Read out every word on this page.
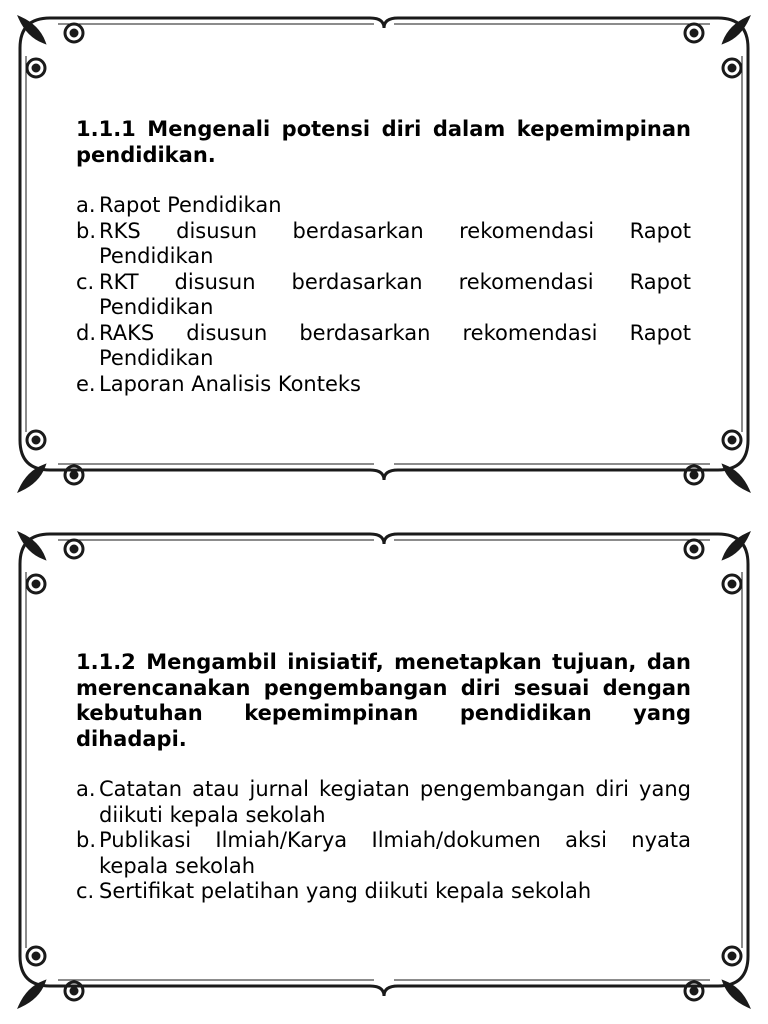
1.1.1 Mengenali potensi diri dalam kepemimpinan pendidikan.
a. Rapot Pendidikan
b. RKS disusun berdasarkan rekomendasi Rapot Pendidikan
c. RKT disusun berdasarkan rekomendasi Rapot Pendidikan
d. RAKS disusun berdasarkan rekomendasi Rapot Pendidikan
e. Laporan Analisis Konteks
1.1.2 Mengambil inisiatif, menetapkan tujuan, dan merencanakan pengembangan diri sesuai dengan kebutuhan kepemimpinan pendidikan yang dihadapi.
a. Catatan atau jurnal kegiatan pengembangan diri yang diikuti kepala sekolah
b. Publikasi Ilmiah/Karya Ilmiah/dokumen aksi nyata kepala sekolah
c. Sertifikat pelatihan yang diikuti kepala sekolah
